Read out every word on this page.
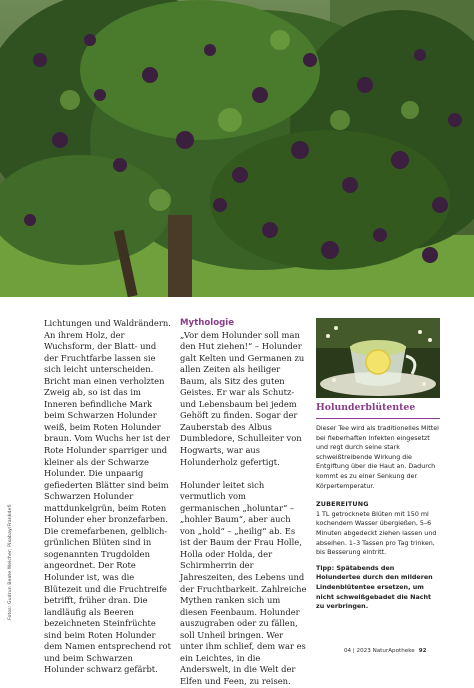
Fotos: Gudrun Beate Welcher; Pixabay/Frankdefi

Lichtungen und Waldrändern. An ihrem Holz, der Wuchsform, der Blatt- und der Fruchtfarbe lassen sie sich leicht unterscheiden. Bricht man einen verholzten Zweig ab, so ist das im Inneren befindliche Mark beim Schwarzen Holunder weiß, beim Roten Holunder braun. Vom Wuchs her ist der Rote Holunder sparriger und kleiner als der Schwarze Holunder. Die unpaarig gefiederten Blätter sind beim Schwarzen Holunder mattdunkelgrün, beim Roten Holunder eher bronzefarben. Die cremefarbenen, gelblich-grünlichen Blüten sind in sogenannten Trugdolden angeordnet. Der Rote Holunder ist, was die Blütezeit und die Fruchtreife betrifft, früher dran. Die landläufig als Beeren bezeichneten Steinfrüchte sind beim Roten Holunder dem Namen entsprechend rot und beim Schwarzen Holunder schwarz gefärbt.

Mythologie

„Vor dem Holunder soll man den Hut ziehen!“ – Holunder galt Kelten und Germanen zu allen Zeiten als heiliger Baum, als Sitz des guten Geistes. Er war als Schutz- und Lebensbaum bei jedem Gehöft zu finden. Sogar der Zauberstab des Albus Dumbledore, Schulleiter von Hogwarts, war aus Holunderholz gefertigt.

Holunder leitet sich vermutlich vom germanischen „holuntar“ – „hohler Baum“, aber auch von „hold“ – „heilig“ ab. Es ist der Baum der Frau Holle, Holla oder Holda, der Schirmherrin der Jahreszeiten, des Lebens und der Fruchtbarkeit. Zahlreiche Mythen ranken sich um diesen Feenbaum. Holunder auszugraben oder zu fällen, soll Unheil bringen. Wer unter ihm schlief, dem war es ein Leichtes, in die Anderswelt, in die Welt der Elfen und Feen, zu reisen.

Holunderblütentee

Dieser Tee wird als traditionelles Mittel bei fieberhaften Infekten eingesetzt und regt durch seine stark schweißtreibende Wirkung die Entgiftung über die Haut an. Dadurch kommt es zu einer Senkung der Körpertemperatur.

ZUBEREITUNG

1 TL getrocknete Blüten mit 150 ml kochendem Wasser übergießen, 5–6 Minuten abgedeckt ziehen lassen und abseihen. 1–3 Tassen pro Tag trinken, bis Besserung eintritt.

Tipp: Spätabends den Holundertee durch den milderen Lindenblütentee ersetzen, um nicht schweißgebadet die Nacht zu verbringen.

04 | 2023 NaturApotheke 92
